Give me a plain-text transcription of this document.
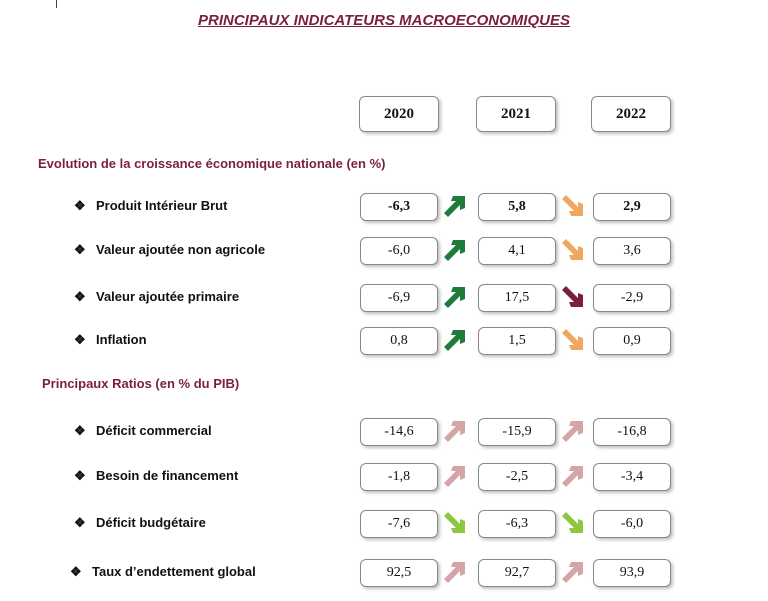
PRINCIPAUX INDICATEURS MACROECONOMIQUES
2020	2021	2022
Evolution de la croissance économique nationale (en %)
Principaux Ratios (en % du PIB)
❖ Produit Intérieur Brut	-6,3	5,8	2,9
❖ Valeur ajoutée non agricole	-6,0	4,1	3,6
❖ Valeur ajoutée primaire	-6,9	17,5	-2,9
❖ Inflation	0,8	1,5	0,9
❖ Déficit commercial	-14,6	-15,9	-16,8
❖ Besoin de financement	-1,8	-2,5	-3,4
❖ Déficit budgétaire	-7,6	-6,3	-6,0
❖ Taux d’endettement global	92,5	92,7	93,9
